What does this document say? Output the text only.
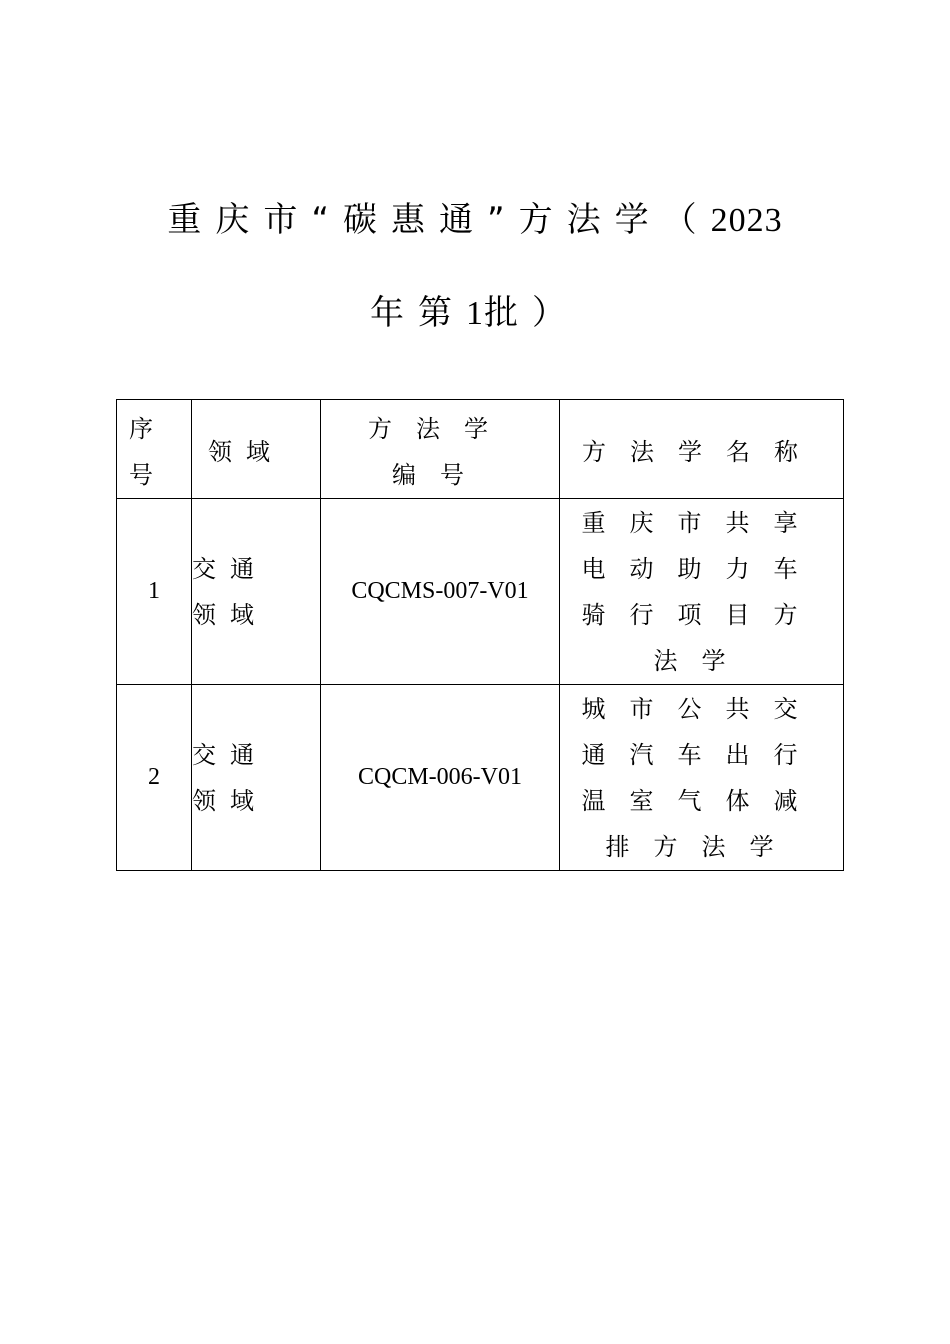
重庆市“碳惠通”方法学（2023
年第1批）
序号	领域	方法学编号	方法学名称
1	交通领域	CQCMS-007-V01	重庆市共享
电动助力车
骑行项目方
法学

2	交通领域	CQCM-006-V01	城市公共交
通汽车出行
温室气体减
排方法学
